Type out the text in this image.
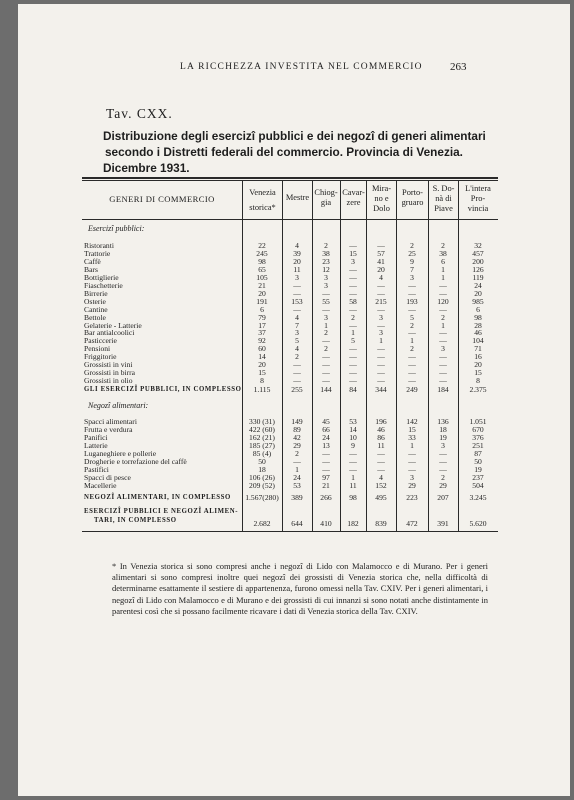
LA RICCHEZZA INVESTITA NEL COMMERCIO 263
Tav. CXX.
Distribuzione degli esercizî pubblici e dei negozî di generi alimentari
secondo i Distretti federali del commercio. Provincia di Venezia.
Dicembre 1931.
GENERI DI COMMERCIO
Venezia
storica*
Mestre
Chiog-
gia
Cavar-
zere
Mira-
no e
Dolo
Porto-
gruaro
S. Do-
nà di
Piave
L'intera
Pro-
vincia
Esercizî pubblici:
Ristoranti	22	4	2	—	—	2	2	32
Trattorie	245	39	38	15	57	25	38	457
Caffè	98	20	23	3	41	9	6	200
Bars	65	11	12	—	20	7	1	126
Bottiglierie	105	3	3	—	4	3	1	119
Fiaschetterie	21	—	3	—	—	—	—	24
Birrerie	20	—	—	—	—	—	—	20
Osterie	191	153	55	58	215	193	120	985
Cantine	6	—	—	—	—	—	—	6
Bettole	79	4	3	2	3	5	2	98
Gelaterie - Latterie	17	7	1	—	—	2	1	28
Bar antialcoolici	37	3	2	1	3	—	—	46
Pasticcerie	92	5	—	5	1	1	—	104
Pensioni	60	4	2	—	—	2	3	71
Friggitorie	14	2	—	—	—	—	—	16
Grossisti in vini	20	—	—	—	—	—	—	20
Grossisti in birra	15	—	—	—	—	—	—	15
Grossisti in olio	8	—	—	—	—	—	—	8
GLI ESERCIZÎ PUBBLICI, IN COMPLESSO	1.115	255	144	84	344	249	184	2.375
Negozî alimentari:
Spacci alimentari	330 (31)	149	45	53	196	142	136	1.051
Frutta e verdura	422 (60)	89	66	14	46	15	18	670
Panifici	162 (21)	42	24	10	86	33	19	376
Latterie	185 (27)	29	13	9	11	1	3	251
Luganeghiere e pollerie	85 (4)	2	—	—	—	—	—	87
Drogherie e torrefazione del caffè	50	—	—	—	—	—	—	50
Pastifici	18	1	—	—	—	—	—	19
Spacci di pesce	106 (26)	24	97	1	4	3	2	237
Macellerie	209 (52)	53	21	11	152	29	29	504
NEGOZÎ ALIMENTARI, IN COMPLESSO	1.567(280)	389	266	98	495	223	207	3.245
ESERCIZÎ PUBBLICI E NEGOZÎ ALIMEN-
TARI, IN COMPLESSO	2.682	644	410	182	839	472	391	5.620
* In Venezia storica si sono compresi anche i negozî di Lido con Malamocco e di Murano. Per i generi alimentari si sono compresi inoltre quei negozî dei grossisti di Venezia storica che, nella difficoltà di determinarne esattamente il sestiere di appartenenza, furono omessi nella Tav. CXIV. Per i generi alimentari, i negozî di Lido con Malamocco e di Murano e dei grossisti di cui innanzi si sono notati anche distintamente in parentesi così che si possano facilmente ricavare i dati di Venezia storica della Tav. CXIV.
